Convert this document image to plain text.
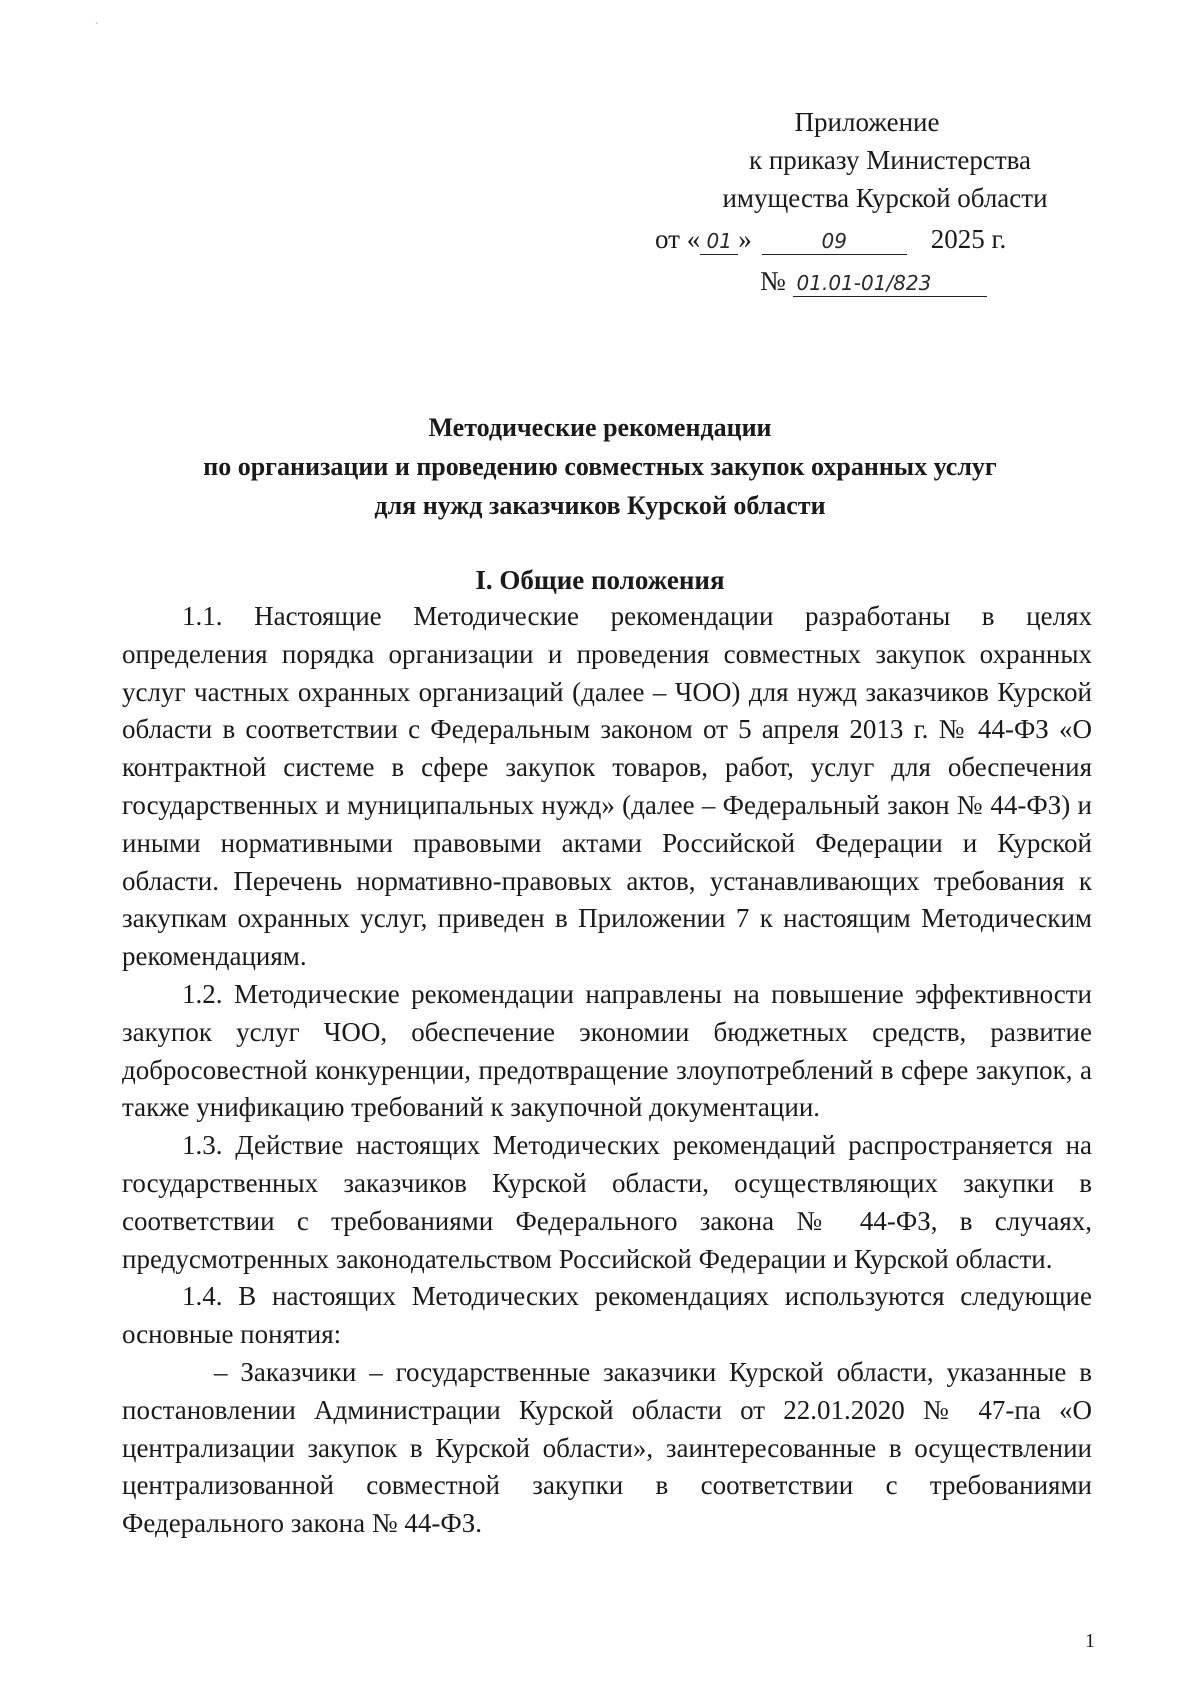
`
Приложение
к приказу Министерства
имущества Курской области
от « 01 »	09	2025 г.
№ 01.01-01/823
Методические рекомендации
по организации и проведению совместных закупок охранных услуг
для нужд заказчиков Курской области
I. Общие положения

1.1. Настоящие Методические рекомендации разработаны в целях определения порядка организации и проведения совместных закупок охранных услуг частных охранных организаций (далее – ЧОО) для нужд заказчиков Курской области в соответствии с Федеральным законом от 5 апреля 2013 г. № 44-ФЗ «О контрактной системе в сфере закупок товаров, работ, услуг для обеспечения государственных и муниципальных нужд» (далее – Федеральный закон № 44-ФЗ) и иными нормативными правовыми актами Российской Федерации и Курской области. Перечень нормативно-правовых актов, устанавливающих требования к закупкам охранных услуг, приведен в Приложении 7 к настоящим Методическим рекомендациям.

1.2. Методические рекомендации направлены на повышение эффективности закупок услуг ЧОО, обеспечение экономии бюджетных средств, развитие добросовестной конкуренции, предотвращение злоупотреблений в сфере закупок, а также унификацию требований к закупочной документации.

1.3. Действие настоящих Методических рекомендаций распространяется на государственных заказчиков Курской области, осуществляющих закупки в соответствии с требованиями Федерального закона № 44-ФЗ, в случаях, предусмотренных законодательством Российской Федерации и Курской области.

1.4. В настоящих Методических рекомендациях используются следующие основные понятия:

– Заказчики – государственные заказчики Курской области, указанные в постановлении Администрации Курской области от 22.01.2020 № 47-па «О централизации закупок в Курской области», заинтересованные в осуществлении централизованной совместной закупки в соответствии с требованиями Федерального закона № 44-ФЗ.

1
